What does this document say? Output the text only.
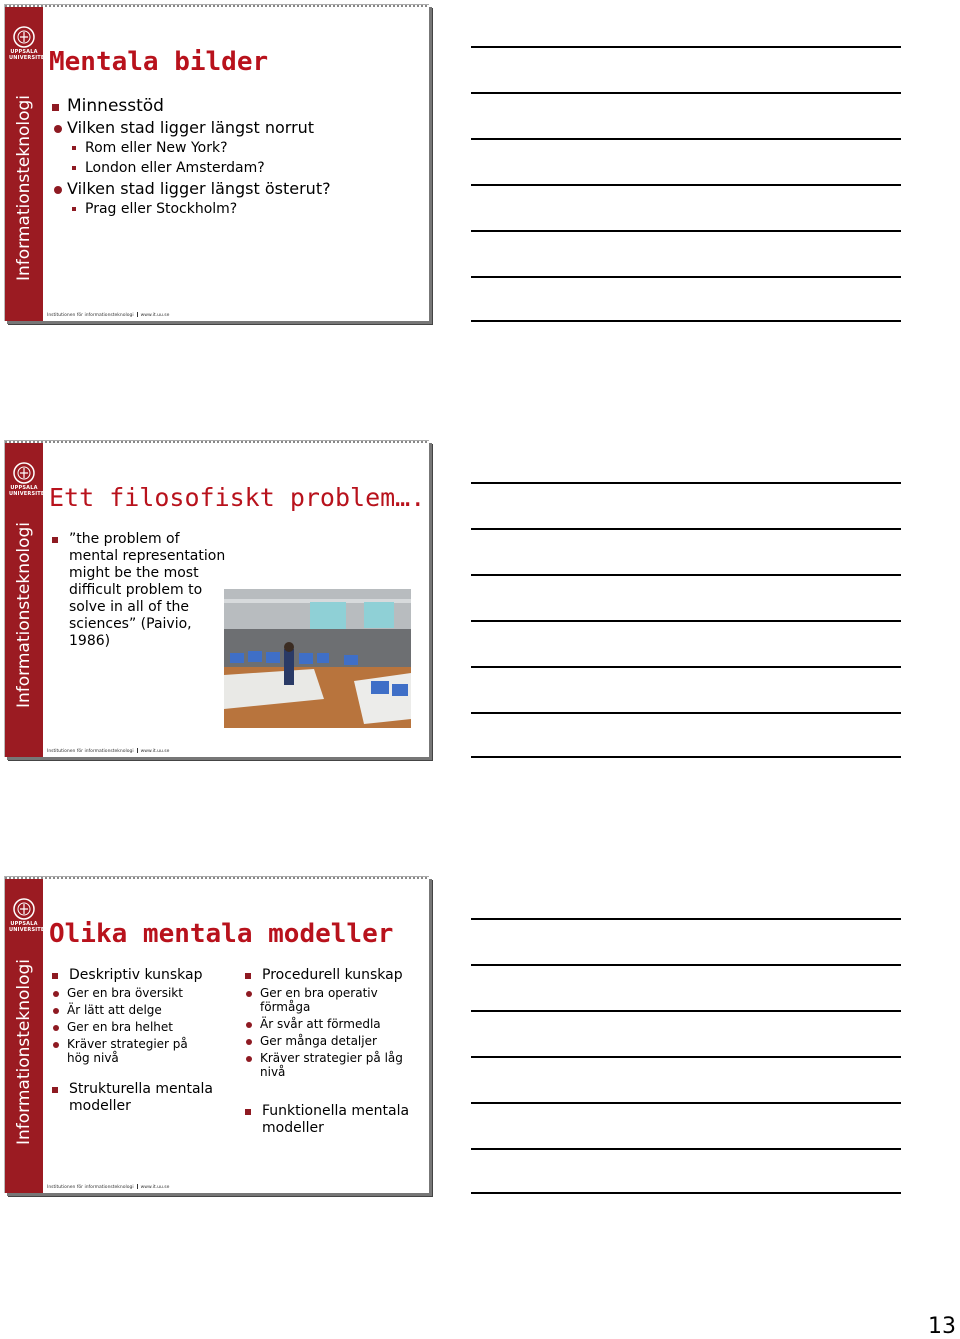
UPPSALA
UNIVERSITET
Informationsteknologi
Mentala bilder
Minnesstöd
Vilken stad ligger längst norrut
Rom eller New York?
London eller Amsterdam?
Vilken stad ligger längst österut?
Prag eller Stockholm?
Institutionen för informationsteknologi www.it.uu.se
UPPSALA
UNIVERSITET
Informationsteknologi
Ett filosofiskt problem….
”the problem of mental representation might be the most difficult problem to solve in all of the sciences” (Paivio, 1986)
Institutionen för informationsteknologi www.it.uu.se
UPPSALA
UNIVERSITET
Informationsteknologi
Olika mentala modeller
Deskriptiv kunskap
Ger en bra översikt
Är lätt att delge
Ger en bra helhet
Kräver strategier på hög nivå
Strukturella mentala modeller
Procedurell kunskap
Ger en bra operativ förmåga
Är svår att förmedla
Ger många detaljer
Kräver strategier på låg nivå
Funktionella mentala modeller
Institutionen för informationsteknologi www.it.uu.se
13
